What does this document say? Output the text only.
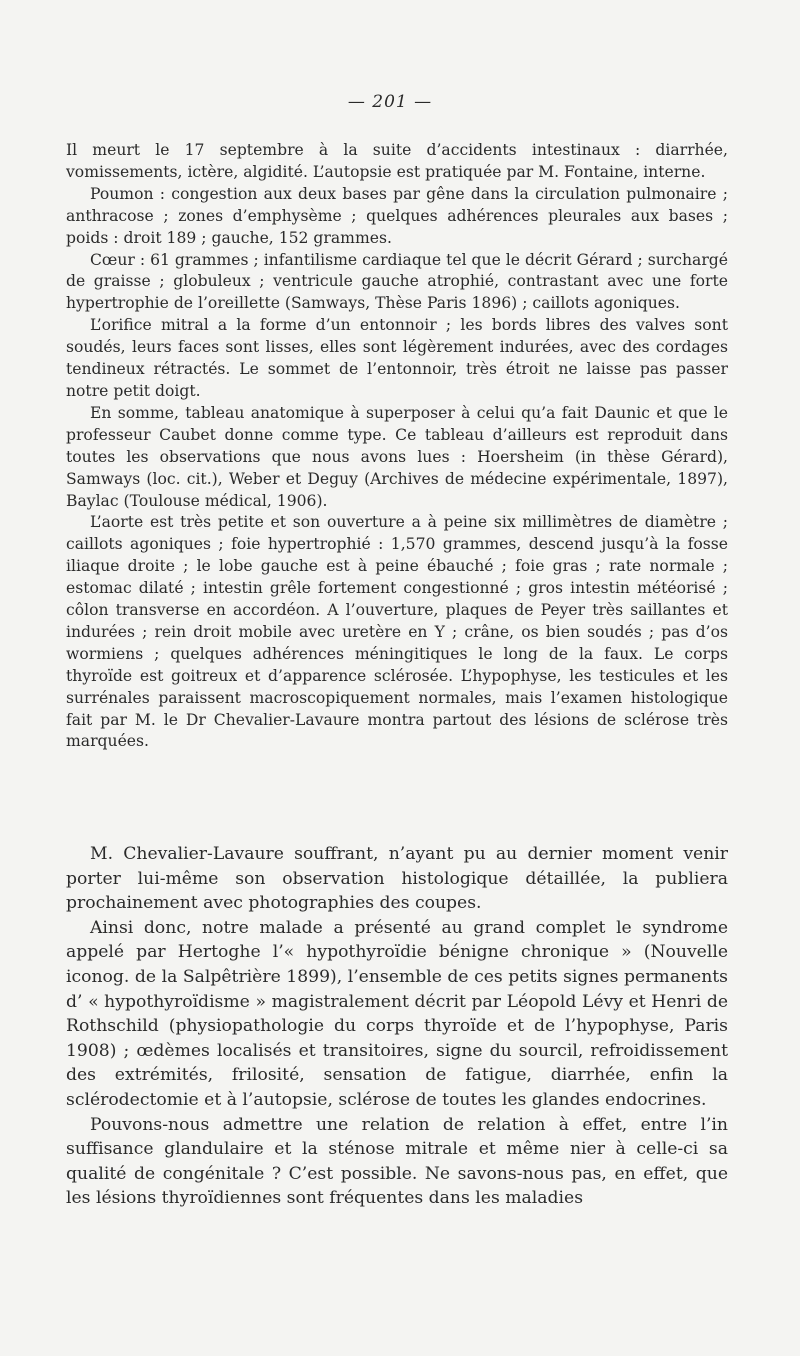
— 201 —

Il meurt le 17 septembre à la suite d’accidents intestinaux : diarrhée, vomissements, ictère, algidité. L’autopsie est pratiquée par M. Fontaine, interne.

Poumon : congestion aux deux bases par gêne dans la circulation pulmonaire ; anthracose ; zones d’emphysème ; quelques adhérences pleurales aux bases ; poids : droit 189 ; gauche, 152 grammes.

Cœur : 61 grammes ; infantilisme cardiaque tel que le décrit Gérard ; surchargé de graisse ; globuleux ; ventricule gauche atrophié, contrastant avec une forte hypertrophie de l’oreillette (Samways, Thèse Paris 1896) ; caillots agoniques.

L’orifice mitral a la forme d’un entonnoir ; les bords libres des valves sont soudés, leurs faces sont lisses, elles sont légèrement indurées, avec des cordages tendineux rétractés. Le sommet de l’entonnoir, très étroit ne laisse pas passer notre petit doigt.

En somme, tableau anatomique à superposer à celui qu’a fait Daunic et que le professeur Caubet donne comme type. Ce tableau d’ailleurs est reproduit dans toutes les observations que nous avons lues : Hoersheim (in thèse Gérard), Samways (loc. cit.), Weber et Deguy (Archives de médecine expérimentale, 1897), Baylac (Toulouse médical, 1906).

L’aorte est très petite et son ouverture a à peine six millimètres de diamètre ; caillots agoniques ; foie hypertrophié : 1,570 grammes, descend jusqu’à la fosse iliaque droite ; le lobe gauche est à peine ébauché ; foie gras ; rate normale ; estomac dilaté ; intestin grêle fortement congestionné ; gros intestin météorisé ; côlon transverse en accordéon. A l’ouverture, plaques de Peyer très saillantes et indurées ; rein droit mobile avec uretère en Y ; crâne, os bien soudés ; pas d’os wormiens ; quelques adhérences méningitiques le long de la faux. Le corps thyroïde est goitreux et d’apparence sclérosée. L’hypophyse, les testicules et les surrénales paraissent macroscopiquement normales, mais l’examen histologique fait par M. le Dr Chevalier-Lavaure montra partout des lésions de sclérose très marquées.

M. Chevalier-Lavaure souffrant, n’ayant pu au dernier moment venir porter lui-même son observation histologique détaillée, la publiera prochainement avec photographies des coupes.

Ainsi donc, notre malade a présenté au grand complet le syndrome appelé par Hertoghe l’« hypothyroïdie bénigne chronique » (Nouvelle iconog. de la Salpêtrière 1899), l’ensemble de ces petits signes permanents d’ « hypothyroïdisme » magistralement décrit par Léopold Lévy et Henri de Rothschild (physiopathologie du corps thyroïde et de l’hypophyse, Paris 1908) ; œdèmes localisés et transitoires, signe du sourcil, refroidissement des extrémités, frilosité, sensation de fatigue, diarrhée, enfin la sclérodectomie et à l’autopsie, sclérose de toutes les glandes endocrines.

Pouvons-nous admettre une relation de relation à effet, entre l’in suffisance glandulaire et la sténose mitrale et même nier à celle-ci sa qualité de congénitale ? C’est possible. Ne savons-nous pas, en effet, que les lésions thyroïdiennes sont fréquentes dans les maladies
